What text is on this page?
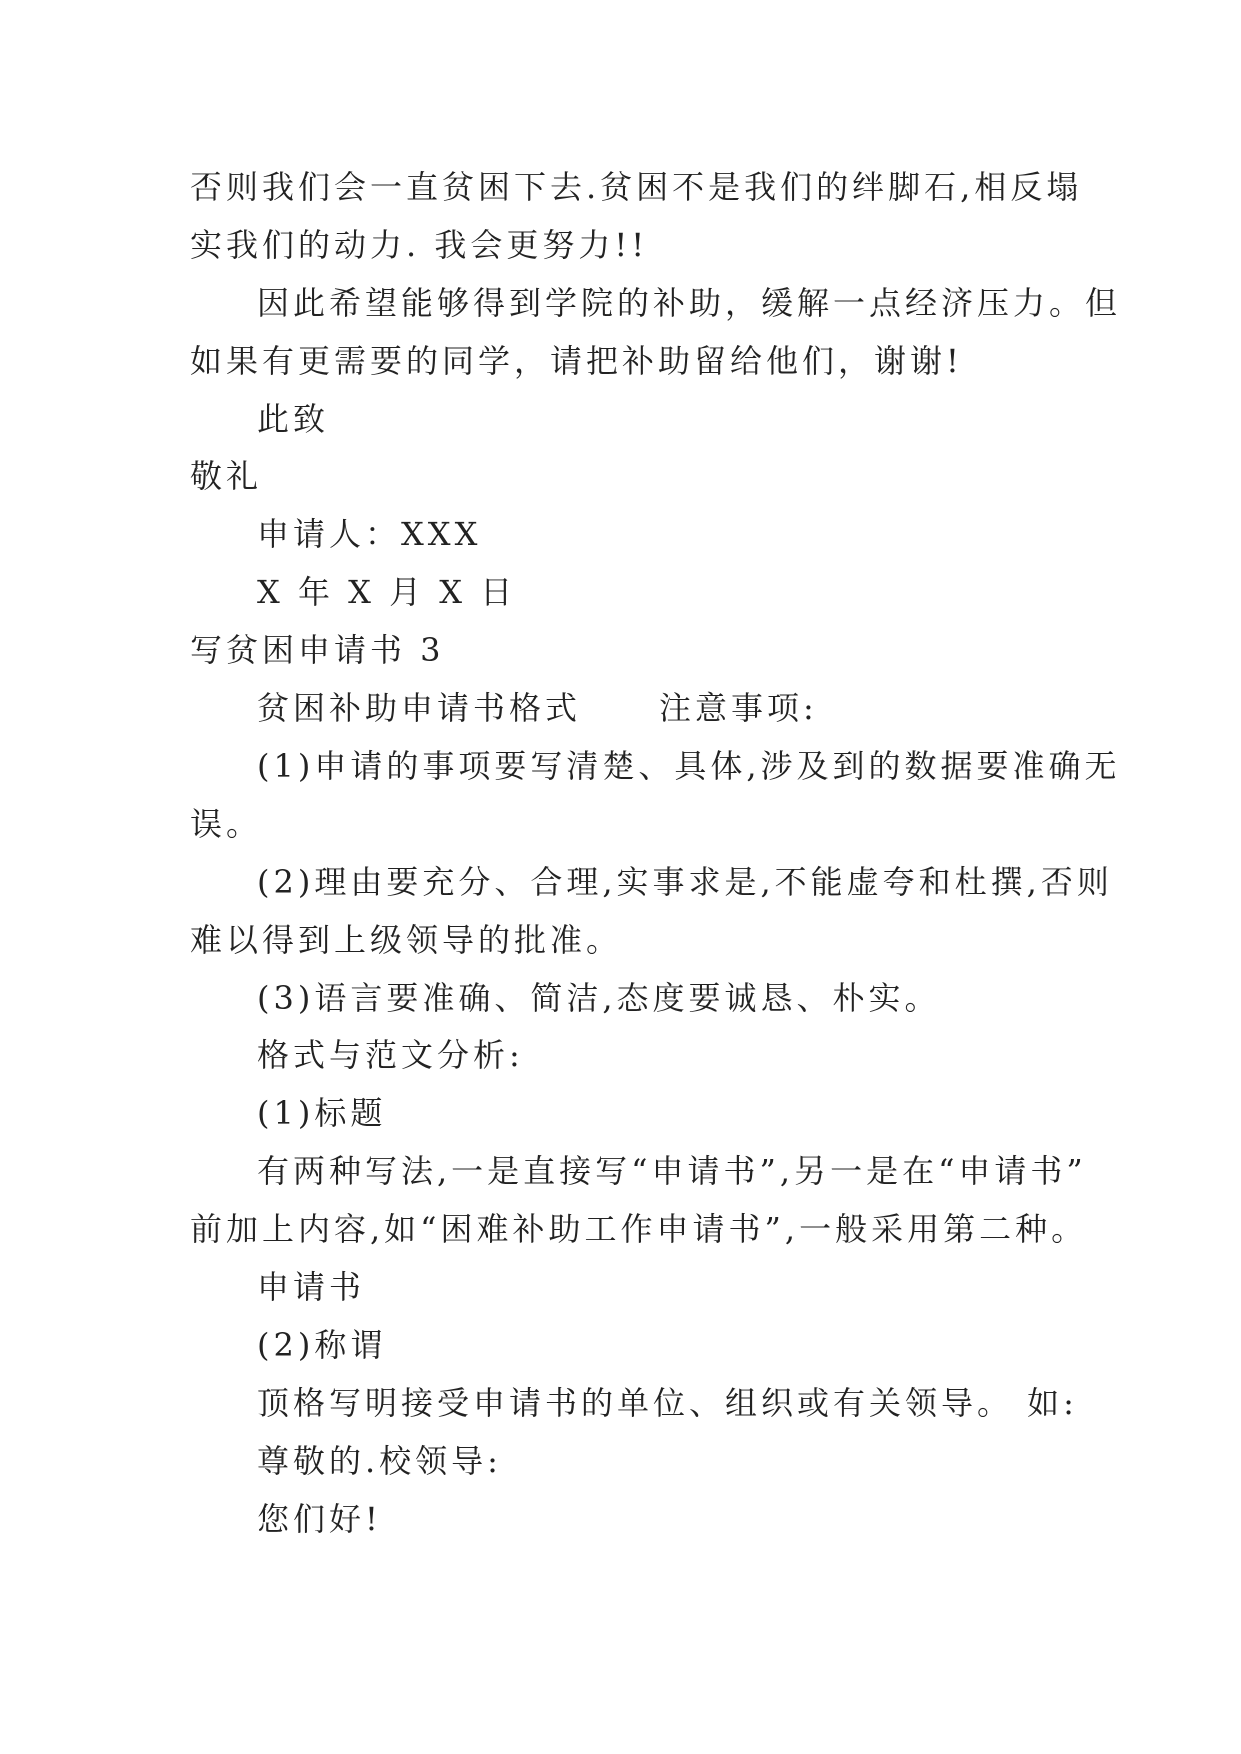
否则我们会一直贫困下去.贫困不是我们的绊脚石,相反塌
实我们的动力. 我会更努力!!
因此希望能够得到学院的补助，缓解一点经济压力。但
如果有更需要的同学，请把补助留给他们，谢谢!
此致
敬礼
申请人：XXX
X 年 X 月 X 日
写贫困申请书 3
贫困补助申请书格式 注意事项:
(1)申请的事项要写清楚、具体,涉及到的数据要准确无
误。
(2)理由要充分、合理,实事求是,不能虚夸和杜撰,否则
难以得到上级领导的批准。
(3)语言要准确、简洁,态度要诚恳、朴实。
格式与范文分析:
(1)标题
有两种写法,一是直接写“申请书”,另一是在“申请书”
前加上内容,如“困难补助工作申请书”,一般采用第二种。
申请书
(2)称谓
顶格写明接受申请书的单位、组织或有关领导。 如:
尊敬的.校领导:
您们好!
